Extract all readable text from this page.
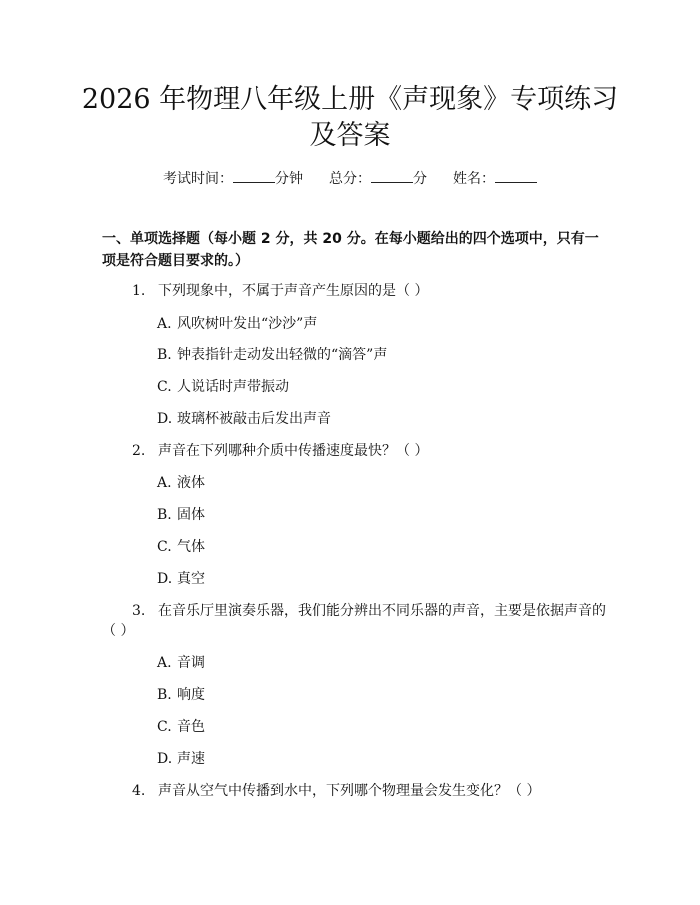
2026 年物理八年级上册《声现象》专项练习
及答案
考试时间：	分钟 总分：	分 姓名：
一、单项选择题（每小题 2 分，共 20 分。在每小题给出的四个选项中，只有一项是符合题目要求的。）
1. 下列现象中，不属于声音产生原因的是（ ）
A. 风吹树叶发出“沙沙”声
B. 钟表指针走动发出轻微的“滴答”声
C. 人说话时声带振动
D. 玻璃杯被敲击后发出声音
2. 声音在下列哪种介质中传播速度最快？（ ）
A. 液体
B. 固体
C. 气体
D. 真空
3. 在音乐厅里演奏乐器，我们能分辨出不同乐器的声音，主要是依据声音的
（ ）
A. 音调
B. 响度
C. 音色
D. 声速
4. 声音从空气中传播到水中，下列哪个物理量会发生变化？（ ）
